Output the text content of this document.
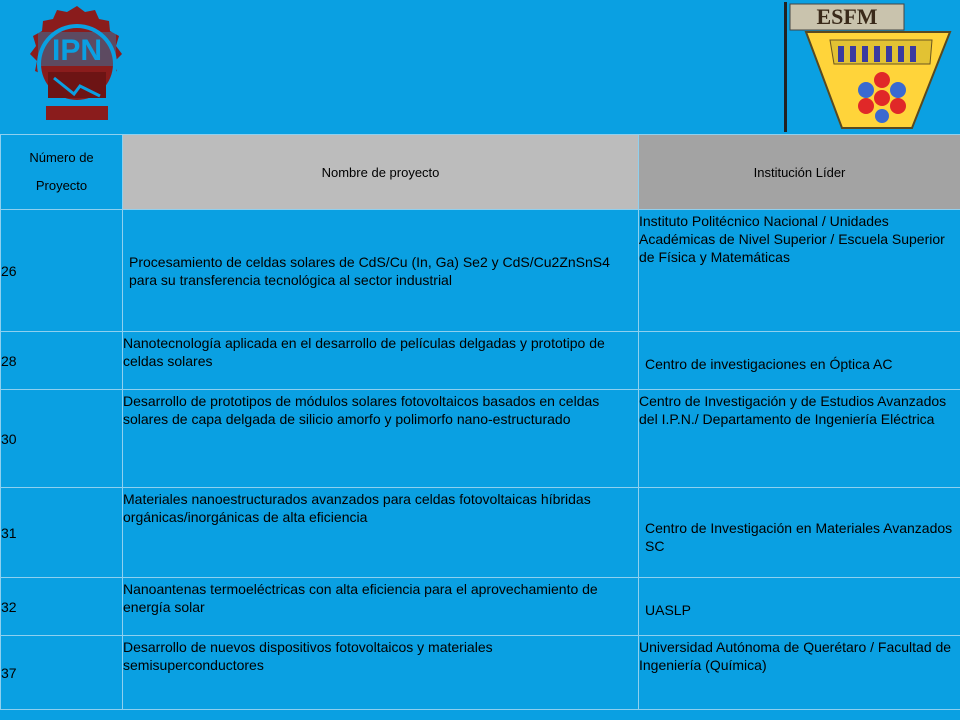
IPN
ESFM
Número de
Proyecto	Nombre de proyecto	Institución Líder
26	Procesamiento de celdas solares de CdS/Cu (In, Ga) Se2 y CdS/Cu2ZnSnS4 para su transferencia tecnológica al sector industrial	Instituto Politécnico Nacional / Unidades Académicas de Nivel Superior / Escuela Superior de Física y Matemáticas

28	Nanotecnología aplicada en el desarrollo de películas delgadas y prototipo de celdas solares	Centro de investigaciones en Óptica AC

30	Desarrollo de prototipos de módulos solares fotovoltaicos basados en celdas solares de capa delgada de silicio amorfo y polimorfo nano-estructurado	Centro de Investigación y de Estudios Avanzados del I.P.N./ Departamento de Ingeniería Eléctrica

31	Materiales nanoestructurados avanzados para celdas fotovoltaicas híbridas orgánicas/inorgánicas de alta eficiencia	Centro de Investigación en Materiales Avanzados SC

32	Nanoantenas termoeléctricas con alta eficiencia para el aprovechamiento de energía solar	UASLP

37	Desarrollo de nuevos dispositivos fotovoltaicos y materiales semisuperconductores	Universidad Autónoma de Querétaro / Facultad de Ingeniería (Química)
